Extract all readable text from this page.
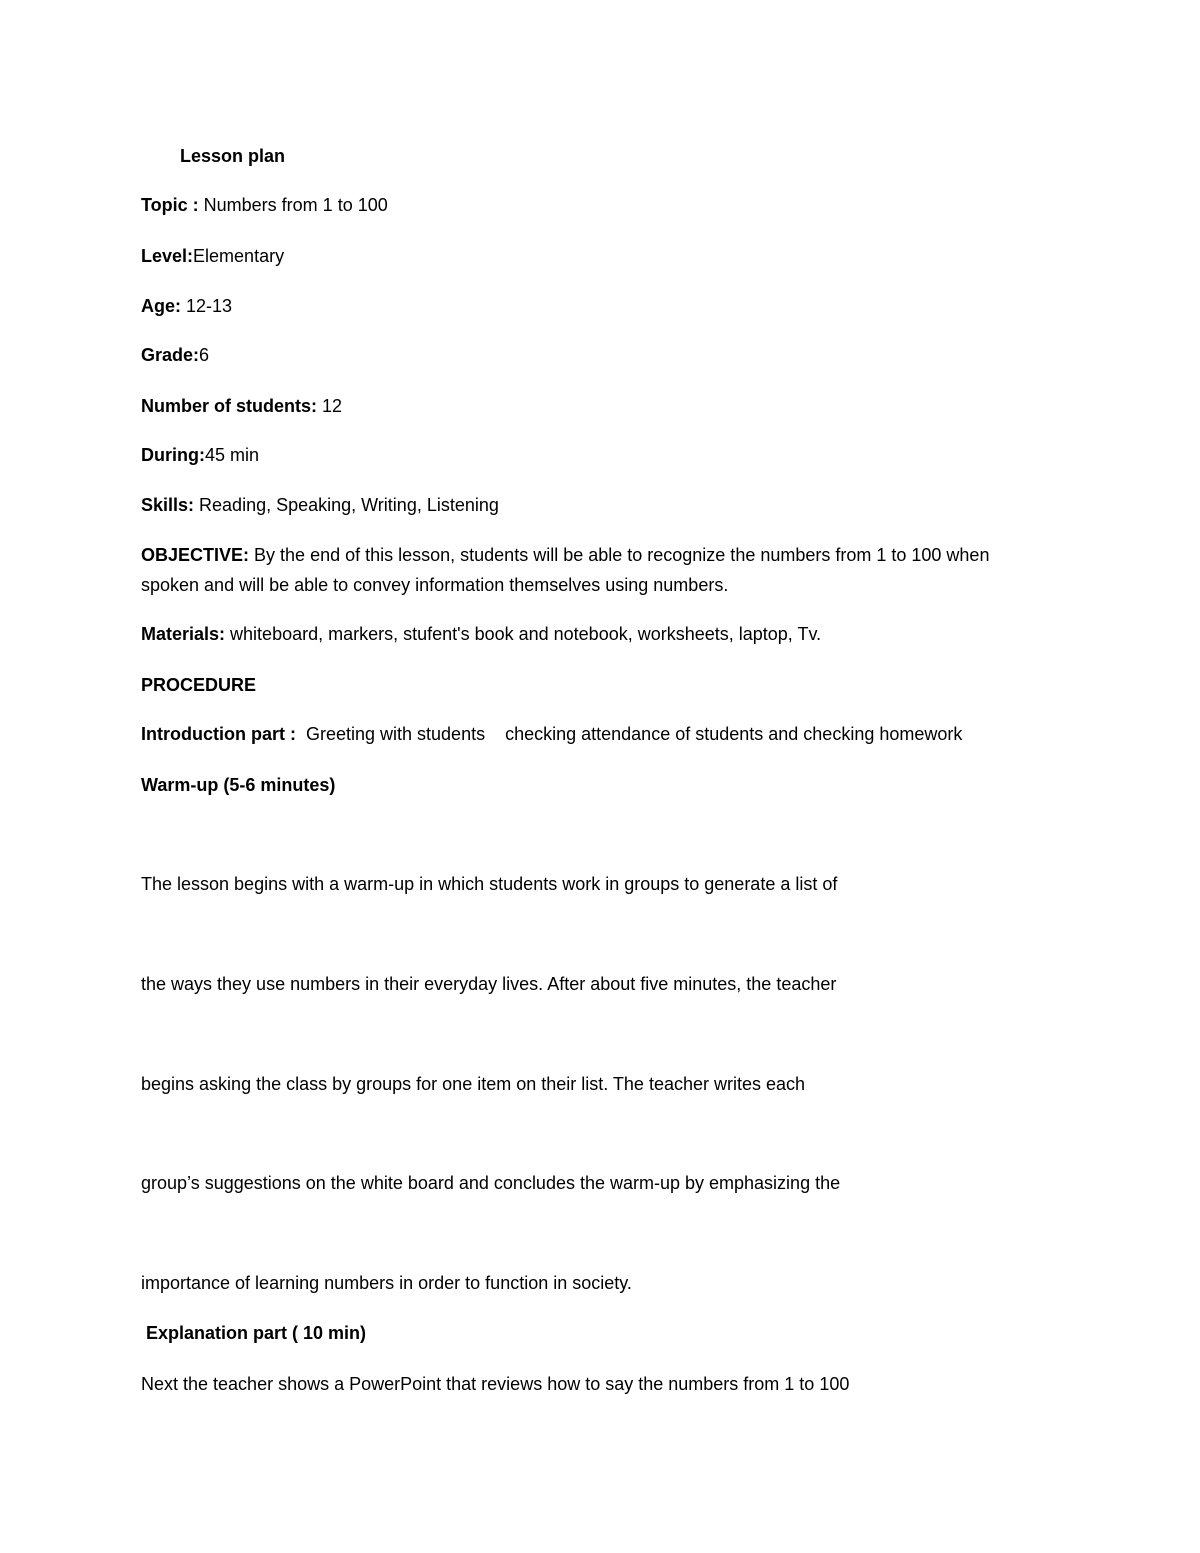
Lesson plan
Topic : Numbers from 1 to 100
Level:Elementary
Age: 12-13
Grade:6
Number of students: 12
During:45 min
Skills: Reading, Speaking, Writing, Listening
OBJECTIVE: By the end of this lesson, students will be able to recognize the numbers from 1 to 100 when
spoken and will be able to convey information themselves using numbers.
Materials: whiteboard, markers, stufent's book and notebook, worksheets, laptop, Tv.
PROCEDURE
Introduction part :  Greeting with students    checking attendance of students and checking homework
Warm-up (5-6 minutes)
The lesson begins with a warm-up in which students work in groups to generate a list of
the ways they use numbers in their everyday lives. After about five minutes, the teacher
begins asking the class by groups for one item on their list. The teacher writes each
group’s suggestions on the white board and concludes the warm-up by emphasizing the
importance of learning numbers in order to function in society.
Explanation part ( 10 min)
Next the teacher shows a PowerPoint that reviews how to say the numbers from 1 to 100
